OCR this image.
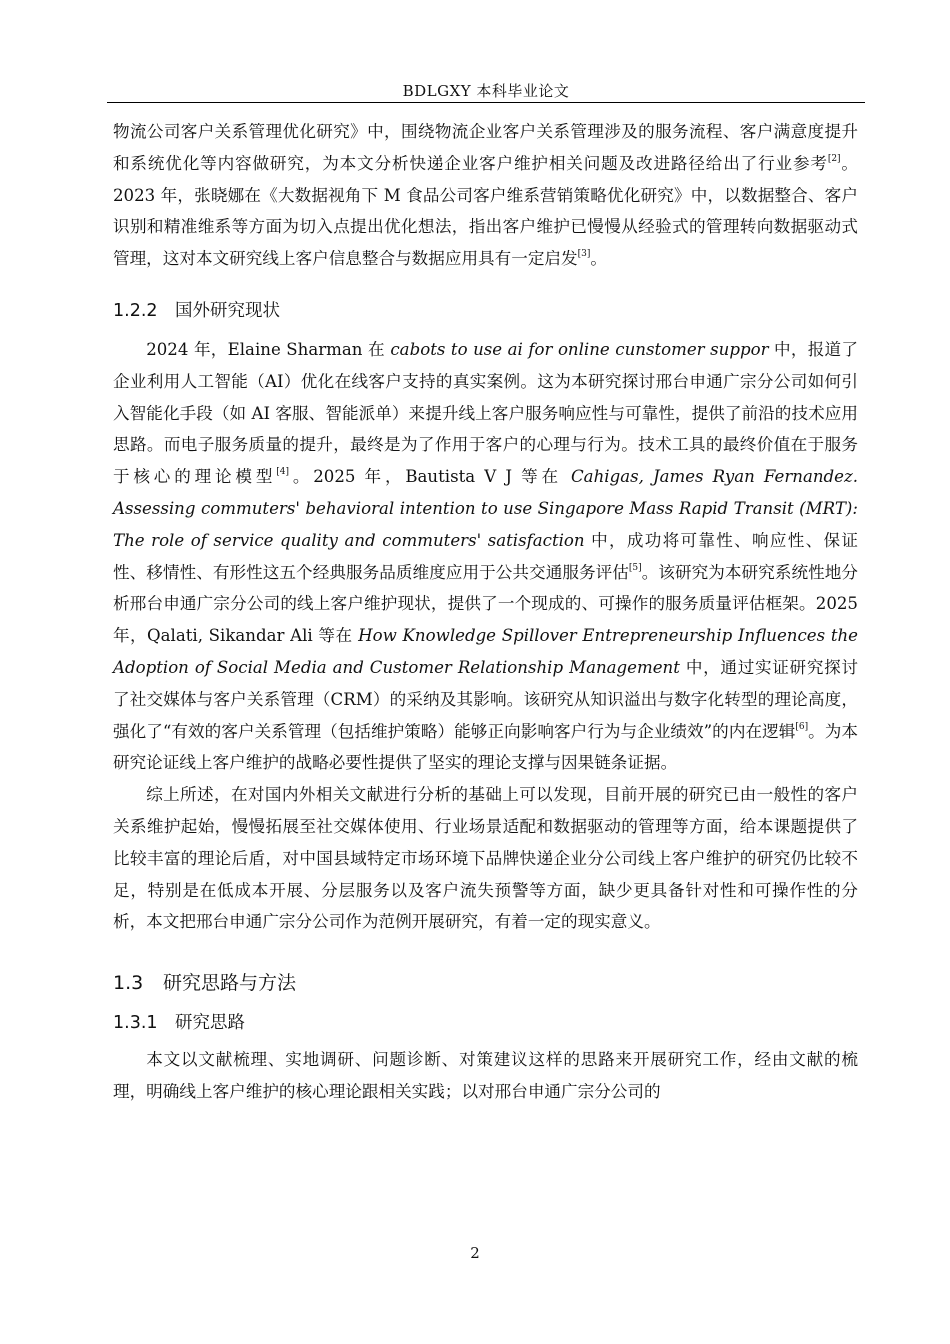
BDLGXY 本科毕业论文

物流公司客户关系管理优化研究》中，围绕物流企业客户关系管理涉及的服务流程、客户满意度提升和系统优化等内容做研究，为本文分析快递企业客户维护相关问题及改进路径给出了行业参考[2]。2023 年，张晓娜在《大数据视角下 M 食品公司客户维系营销策略优化研究》中，以数据整合、客户识别和精准维系等方面为切入点提出优化想法，指出客户维护已慢慢从经验式的管理转向数据驱动式管理，这对本文研究线上客户信息整合与数据应用具有一定启发[3]。

1.2.2 国外研究现状

2024 年，Elaine Sharman 在 cabots to use ai for online cunstomer suppor 中，报道了企业利用人工智能（AI）优化在线客户支持的真实案例。这为本研究探讨邢台申通广宗分公司如何引入智能化手段（如 AI 客服、智能派单）来提升线上客户服务响应性与可靠性，提供了前沿的技术应用思路。而电子服务质量的提升，最终是为了作用于客户的心理与行为。技术工具的最终价值在于服务于核心的理论模型[4]。2025 年，Bautista V J 等在 Cahigas, James Ryan Fernandez. Assessing commuters' behavioral intention to use Singapore Mass Rapid Transit (MRT): The role of service quality and commuters' satisfaction 中，成功将可靠性、响应性、保证性、移情性、有形性这五个经典服务品质维度应用于公共交通服务评估[5]。该研究为本研究系统性地分析邢台申通广宗分公司的线上客户维护现状，提供了一个现成的、可操作的服务质量评估框架。2025 年，Qalati, Sikandar Ali 等在 How Knowledge Spillover Entrepreneurship Influences the Adoption of Social Media and Customer Relationship Management 中，通过实证研究探讨了社交媒体与客户关系管理（CRM）的采纳及其影响。该研究从知识溢出与数字化转型的理论高度，强化了“有效的客户关系管理（包括维护策略）能够正向影响客户行为与企业绩效”的内在逻辑[6]。为本研究论证线上客户维护的战略必要性提供了坚实的理论支撑与因果链条证据。

综上所述，在对国内外相关文献进行分析的基础上可以发现，目前开展的研究已由一般性的客户关系维护起始，慢慢拓展至社交媒体使用、行业场景适配和数据驱动的管理等方面，给本课题提供了比较丰富的理论后盾，对中国县域特定市场环境下品牌快递企业分公司线上客户维护的研究仍比较不足，特别是在低成本开展、分层服务以及客户流失预警等方面，缺少更具备针对性和可操作性的分析，本文把邢台申通广宗分公司作为范例开展研究，有着一定的现实意义。

1.3 研究思路与方法
1.3.1 研究思路

本文以文献梳理、实地调研、问题诊断、对策建议这样的思路来开展研究工作，经由文献的梳理，明确线上客户维护的核心理论跟相关实践；以对邢台申通广宗分公司的

2
